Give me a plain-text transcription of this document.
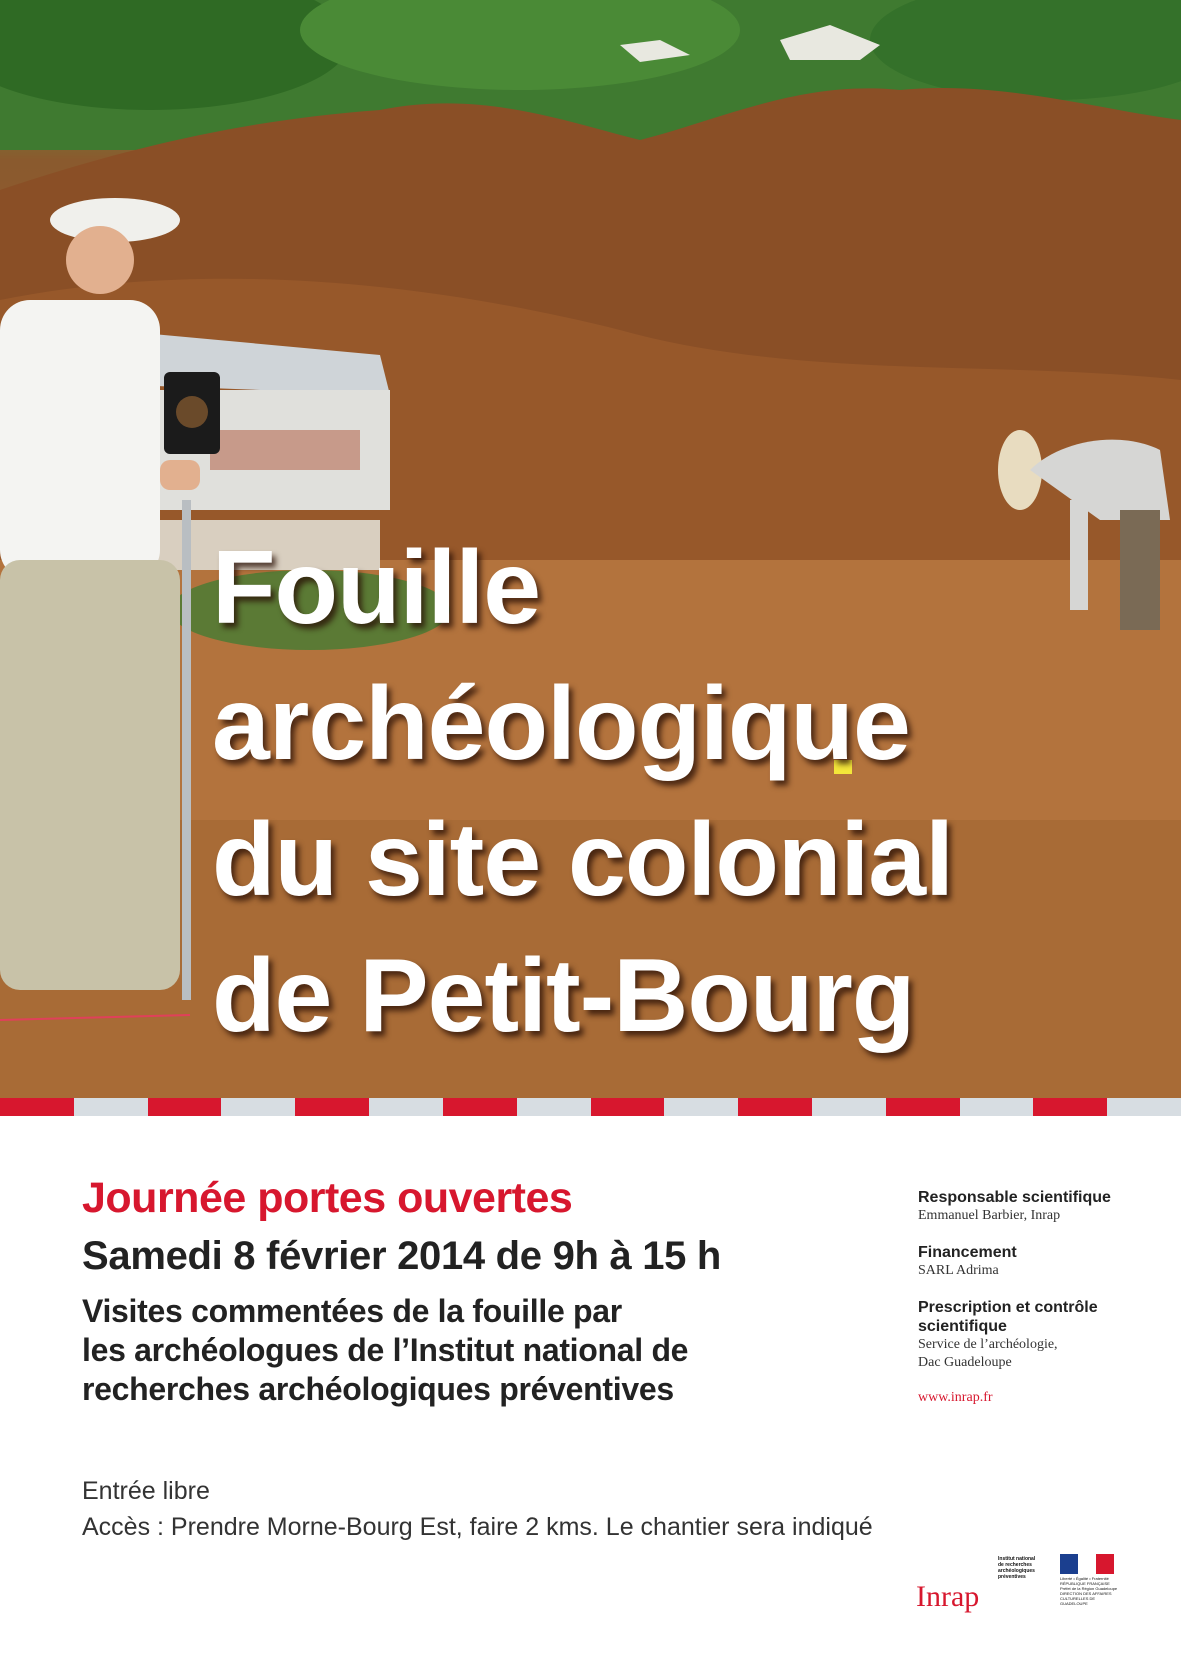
Fouille
archéologique
du site colonial
de Petit-Bourg
Journée portes ouvertes

Samedi 8 février 2014 de 9h à 15 h

Visites commentées de la fouille par
les archéologues de l’Institut national de
recherches archéologiques préventives

Entrée libre
Accès : Prendre Morne-Bourg Est, faire 2 kms. Le chantier sera indiqué

Responsable scientifique

Emmanuel Barbier, Inrap

Financement

SARL Adrima

Prescription et contrôle scientifique

Service de l’archéologie,
Dac Guadeloupe

www.inrap.fr
Inrap
Institut national de recherches archéologiques préventives	Liberté • Égalité • Fraternité RÉPUBLIQUE FRANÇAISE Préfet de la Région Guadeloupe DIRECTION DES AFFAIRES CULTURELLES DE GUADELOUPE
